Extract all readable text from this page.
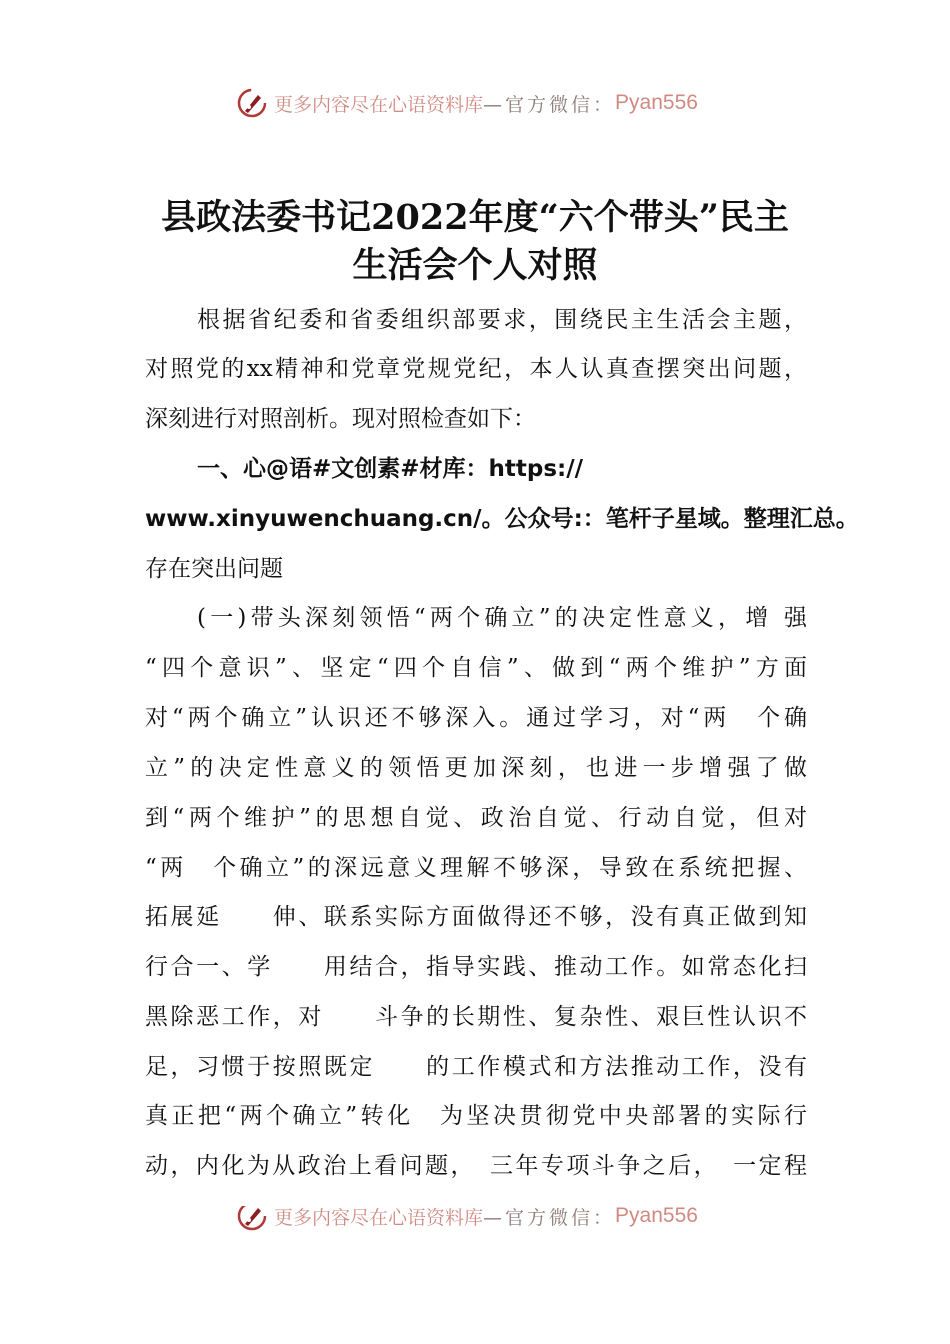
更多内容尽在心语资料库 —官方微信： Pyan556
县政法委书记2022年度“六个带头”民主
生活会个人对照
根据省纪委和省委组织部要求，围绕民主生活会主题，
对照党的xx精神和党章党规党纪，本人认真查摆突出问题，
深刻进行对照剖析。现对照检查如下：
一、心@语#文创素#材库：https://
www.xinyuwenchuang.cn/。公众号:：笔杆子星域。整理汇总。
存在突出问题
(一)带头深刻领悟“两个确立”的决定性意义，增 强
“四个意识”、坚定“四个自信”、做到“两个维护”方面
对“两个确立”认识还不够深入。通过学习，对“两　个确
立”的决定性意义的领悟更加深刻，也进一步增强了做
到“两个维护”的思想自觉、政治自觉、行动自觉，但对
“两　个确立”的深远意义理解不够深，导致在系统把握、
拓展延　　伸、联系实际方面做得还不够，没有真正做到知
行合一、学　　用结合，指导实践、推动工作。如常态化扫
黑除恶工作，对　　斗争的长期性、复杂性、艰巨性认识不
足，习惯于按照既定　　的工作模式和方法推动工作，没有
真正把“两个确立”转化　为坚决贯彻党中央部署的实际行
动，内化为从政治上看问题，　三年专项斗争之后，　一定程
更多内容尽在心语资料库 —官方微信： Pyan556
